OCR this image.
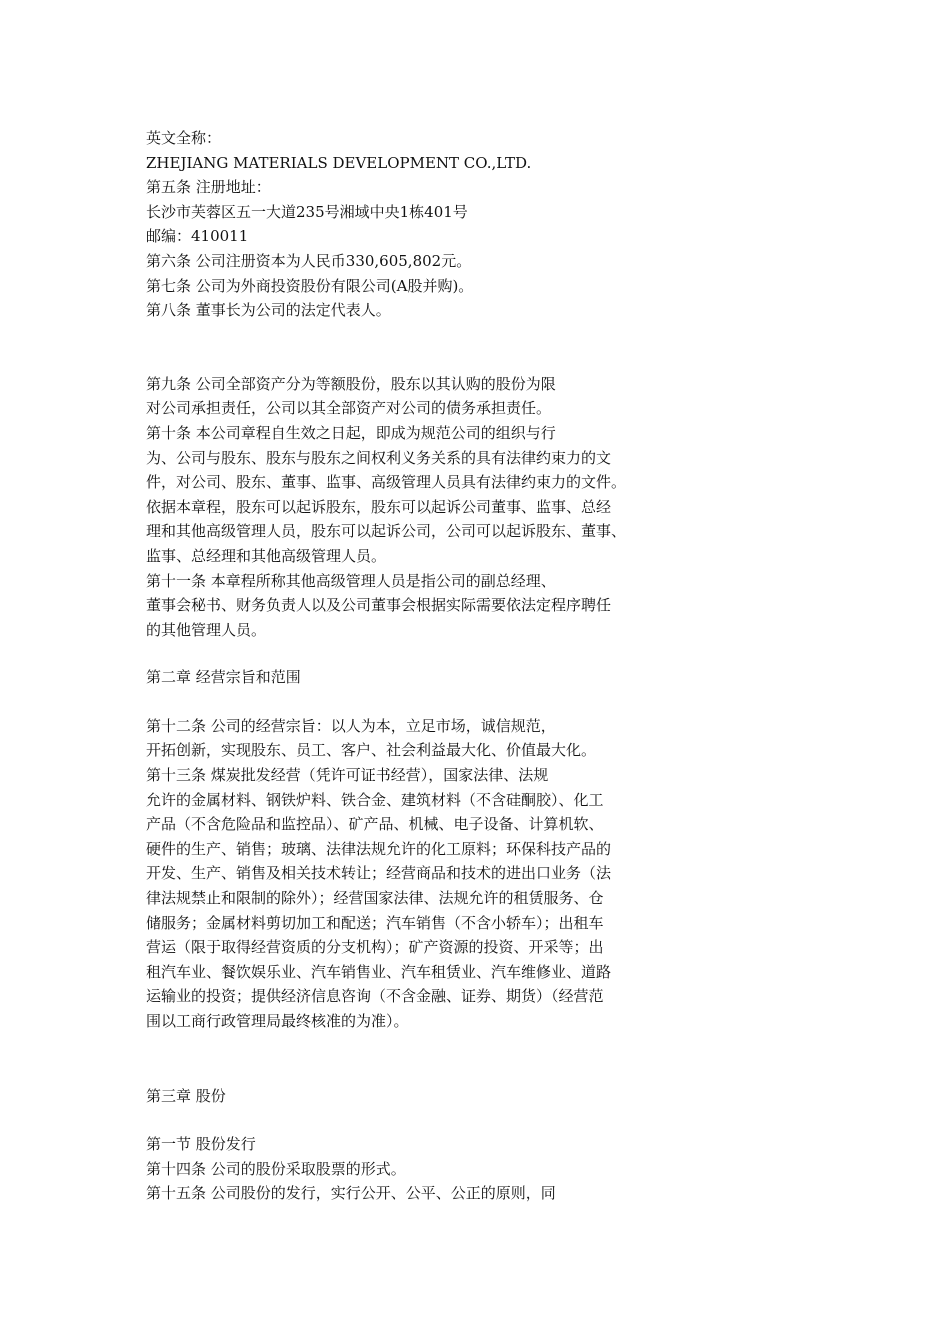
英文全称：
ZHEJIANG MATERIALS DEVELOPMENT CO.,LTD.
第五条 注册地址：
长沙市芙蓉区五一大道235号湘域中央1栋401号
邮编：410011
第六条 公司注册资本为人民币330,605,802元。
第七条 公司为外商投资股份有限公司(A股并购)。
第八条 董事长为公司的法定代表人。
第九条 公司全部资产分为等额股份，股东以其认购的股份为限
对公司承担责任，公司以其全部资产对公司的债务承担责任。
第十条 本公司章程自生效之日起，即成为规范公司的组织与行
为、公司与股东、股东与股东之间权利义务关系的具有法律约束力的文
件，对公司、股东、董事、监事、高级管理人员具有法律约束力的文件。
依据本章程，股东可以起诉股东，股东可以起诉公司董事、监事、总经
理和其他高级管理人员，股东可以起诉公司，公司可以起诉股东、董事、
监事、总经理和其他高级管理人员。
第十一条 本章程所称其他高级管理人员是指公司的副总经理、
董事会秘书、财务负责人以及公司董事会根据实际需要依法定程序聘任
的其他管理人员。
第二章 经营宗旨和范围
第十二条 公司的经营宗旨：以人为本，立足市场，诚信规范，
开拓创新，实现股东、员工、客户、社会利益最大化、价值最大化。
第十三条 煤炭批发经营（凭许可证书经营），国家法律、法规
允许的金属材料、钢铁炉料、铁合金、建筑材料（不含硅酮胶）、化工
产品（不含危险品和监控品）、矿产品、机械、电子设备、计算机软、
硬件的生产、销售；玻璃、法律法规允许的化工原料；环保科技产品的
开发、生产、销售及相关技术转让；经营商品和技术的进出口业务（法
律法规禁止和限制的除外）；经营国家法律、法规允许的租赁服务、仓
储服务；金属材料剪切加工和配送；汽车销售（不含小轿车）；出租车
营运（限于取得经营资质的分支机构）；矿产资源的投资、开采等；出
租汽车业、餐饮娱乐业、汽车销售业、汽车租赁业、汽车维修业、道路
运输业的投资；提供经济信息咨询（不含金融、证券、期货）（经营范
围以工商行政管理局最终核准的为准）。
第三章 股份
第一节 股份发行
第十四条 公司的股份采取股票的形式。
第十五条 公司股份的发行，实行公开、公平、公正的原则，同
